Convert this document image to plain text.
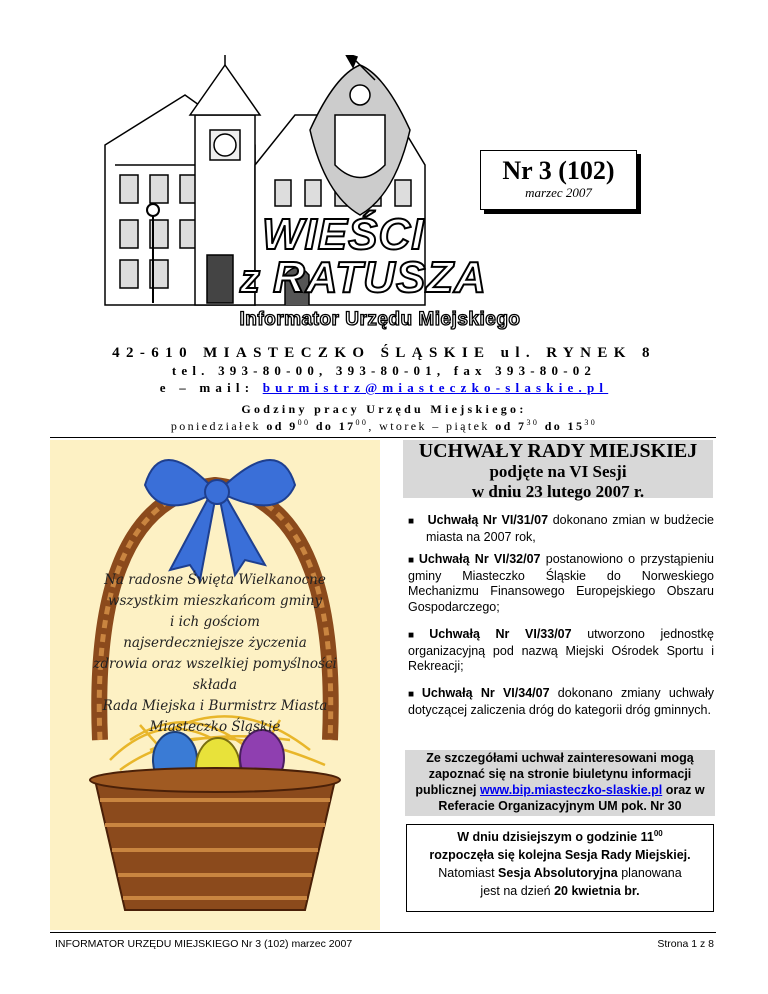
Nr 3 (102)
marzec 2007
WIEŚCI
z RATUSZA
Informator Urzędu Miejskiego
42-610 MIASTECZKO ŚLĄSKIE ul. RYNEK 8
tel. 393-80-00, 393-80-01, fax 393-80-02
e – mail: burmistrz@miasteczko-slaskie.pl
Godziny pracy Urzędu Miejskiego:
poniedziałek od $9^{00}$ do $17^{00}$, wtorek – piątek od $7^{30}$ do $15^{30}$
Na radosne Święta Wielkanocne
wszystkim mieszkańcom gminy
i ich gościom
najserdeczniejsze życzenia
zdrowia oraz wszelkiej pomyślności
składa
Rada Miejska i Burmistrz Miasta
Miasteczko Śląskie
UCHWAŁY RADY MIEJSKIEJ
podjęte na VI Sesji
w dniu 23 lutego 2007 r.
■ Uchwałą Nr VI/31/07 dokonano zmian w budżecie miasta na 2007 rok,
■ Uchwałą Nr VI/32/07 postanowiono o przystąpieniu gminy Miasteczko Śląskie do Norweskiego Mechanizmu Finansowego Europejskiego Obszaru Gospodarczego;
■ Uchwałą Nr VI/33/07 utworzono jednostkę organizacyjną pod nazwą Miejski Ośrodek Sportu i Rekreacji;
■ Uchwałą Nr VI/34/07 dokonano zmiany uchwały dotyczącej zaliczenia dróg do kategorii dróg gminnych.
Ze szczegółami uchwał zainteresowani mogą zapoznać się na stronie biuletynu informacji publicznej www.bip.miasteczko-slaskie.pl oraz w Referacie Organizacyjnym UM pok. Nr 30
W dniu dzisiejszym o godzinie $11^{00}$
rozpoczęła się kolejna Sesja Rady Miejskiej.
Natomiast Sesja Absolutoryjna planowana
jest na dzień 20 kwietnia br.
INFORMATOR URZĘDU MIEJSKIEGO Nr 3 (102) marzec 2007	Strona 1 z 8
